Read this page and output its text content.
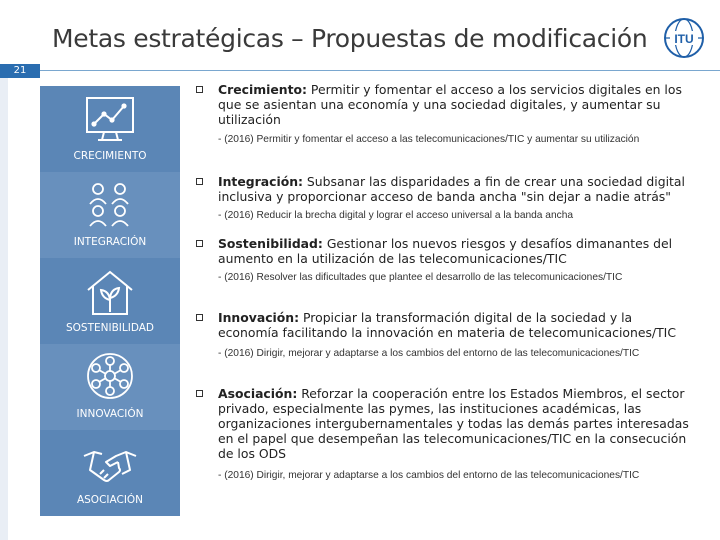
Metas estratégicas – Propuestas de modificación	ITU
21
CRECIMIENTO
INTEGRACIÓN
SOSTENIBILIDAD
INNOVACIÓN
ASOCIACIÓN
Crecimiento: Permitir y fomentar el acceso a los servicios digitales en los que se asientan una economía y una sociedad digitales, y aumentar su utilización
- (2016) Permitir y fomentar el acceso a las telecomunicaciones/TIC y aumentar su utilización
Integración: Subsanar las disparidades a fin de crear una sociedad digital inclusiva y proporcionar acceso de banda ancha "sin dejar a nadie atrás"
- (2016) Reducir la brecha digital y lograr el acceso universal a la banda ancha
Sostenibilidad: Gestionar los nuevos riesgos y desafíos dimanantes del aumento en la utilización de las telecomunicaciones/TIC
- (2016) Resolver las dificultades que plantee el desarrollo de las telecomunicaciones/TIC
Innovación: Propiciar la transformación digital de la sociedad y la economía facilitando la innovación en materia de telecomunicaciones/TIC
- (2016) Dirigir, mejorar y adaptarse a los cambios del entorno de las telecomunicaciones/TIC
Asociación: Reforzar la cooperación entre los Estados Miembros, el sector privado, especialmente las pymes, las instituciones académicas, las organizaciones intergubernamentales y todas las demás partes interesadas en el papel que desempeñan las telecomunicaciones/TIC en la consecución de los ODS
- (2016) Dirigir, mejorar y adaptarse a los cambios del entorno de las telecomunicaciones/TIC
